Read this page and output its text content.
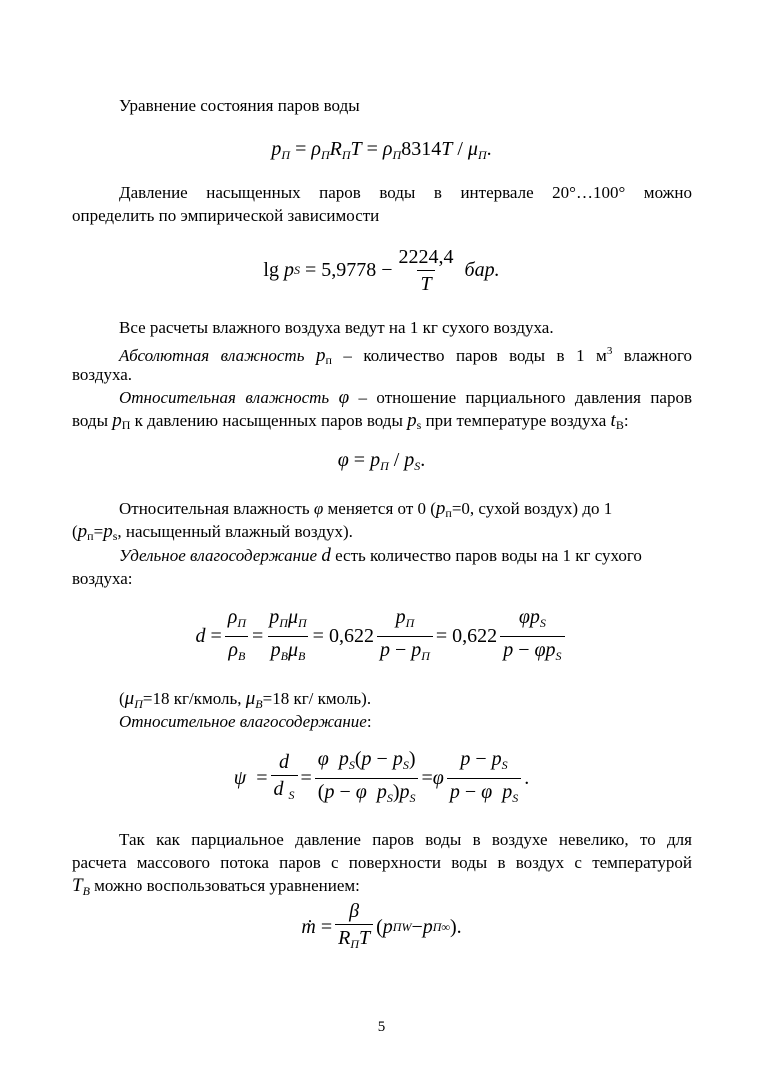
Уравнение состояния паров воды

$p_П = \rho_ПR_ПT = \rho_П8314T / \mu_П$.

Давление насыщенных паров воды в интервале 20°…100° можно

определить по эмпирической зависимости

lg p $S = 5,9778 - \frac{2224,4}{T}$
бар.

Все расчеты влажного воздуха ведут на 1 кг сухого воздуха.

Абсолютная влажность pп – количество паров воды в 1 $м^3$ влажного

воздуха.

Относительная влажность φ – отношение парциального давления паров

воды pП к давлению насыщенных паров воды ps при температуре воздуха tВ:

$\varphi = p_П / p_S$.

Относительная влажность φ меняется от 0 (pп=0, сухой воздух) до 1

(pп=ps, насыщенный влажный воздух).

Удельное влагосодержание d есть количество паров воды на 1 кг сухого

воздуха:

$d = \frac{\rho_П}{\rho_В} = \frac{p_П\mu_П}{p_В\mu_В} = 0,622 \frac{p_П}{p - p_П} = 0,622 \frac{\varphi p_S}{p - \varphi p_S}$

($\mu_П=18$ кг/кмоль, $\mu_В=18$ кг/ кмоль).

Относительное влагосодержание:

$\psi = \frac{d}{d _S} = \frac{\varphi p_S(p - p_S)}{(p - \varphi p_S)p_S} = \varphi \frac{p - p_S}{p - \varphi p_S}$ .

Так как парциальное давление паров воды в воздухе невелико, то для

расчета массового потока паров с поверхности воды в воздух с температурой

$T_B$ можно воспользоваться уравнением:

ṁ = $\frac{\beta}{R_ПT}$ ( p ПW − p П∞ ).
5
